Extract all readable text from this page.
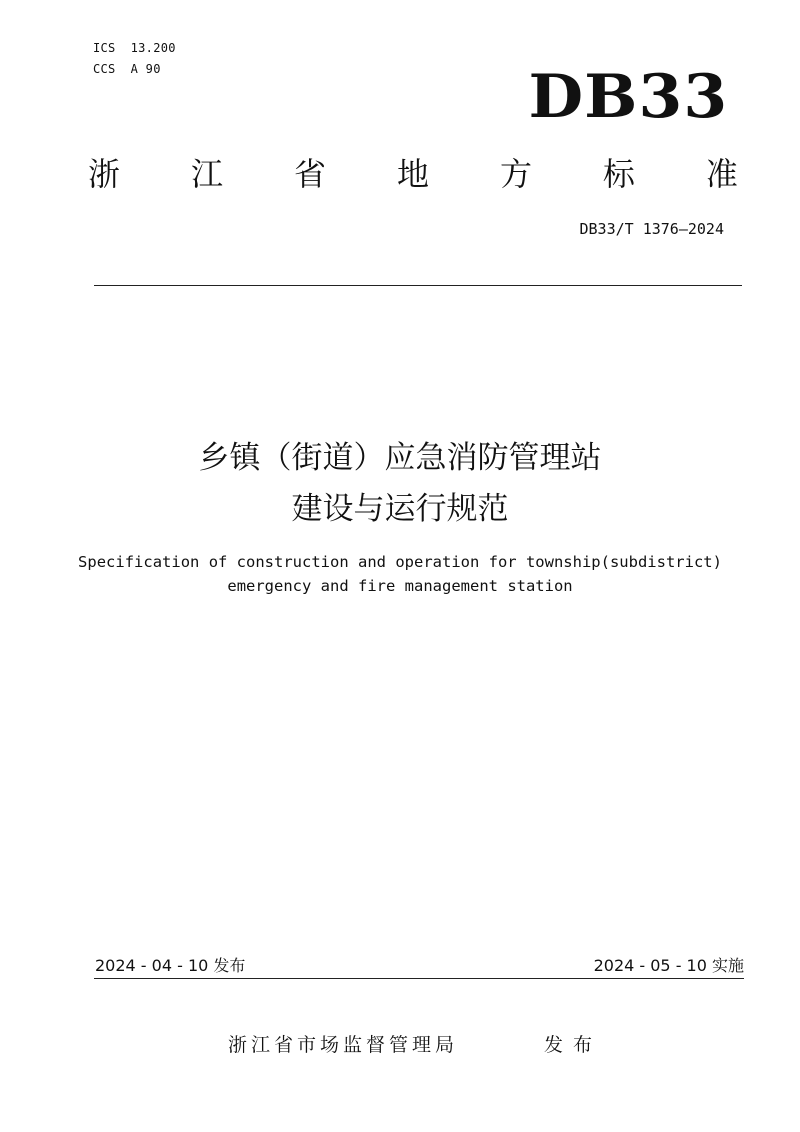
ICS  13.200
CCS  A 90	DB33
浙 江 省 地 方 标 准
DB33/T 1376—2024
乡镇（街道）应急消防管理站
建设与运行规范
Specification of construction and operation for township(subdistrict)
emergency and fire management station
2024 - 04 - 10 发布	2024 - 05 - 10 实施
浙江省市场监督管理局	发布
